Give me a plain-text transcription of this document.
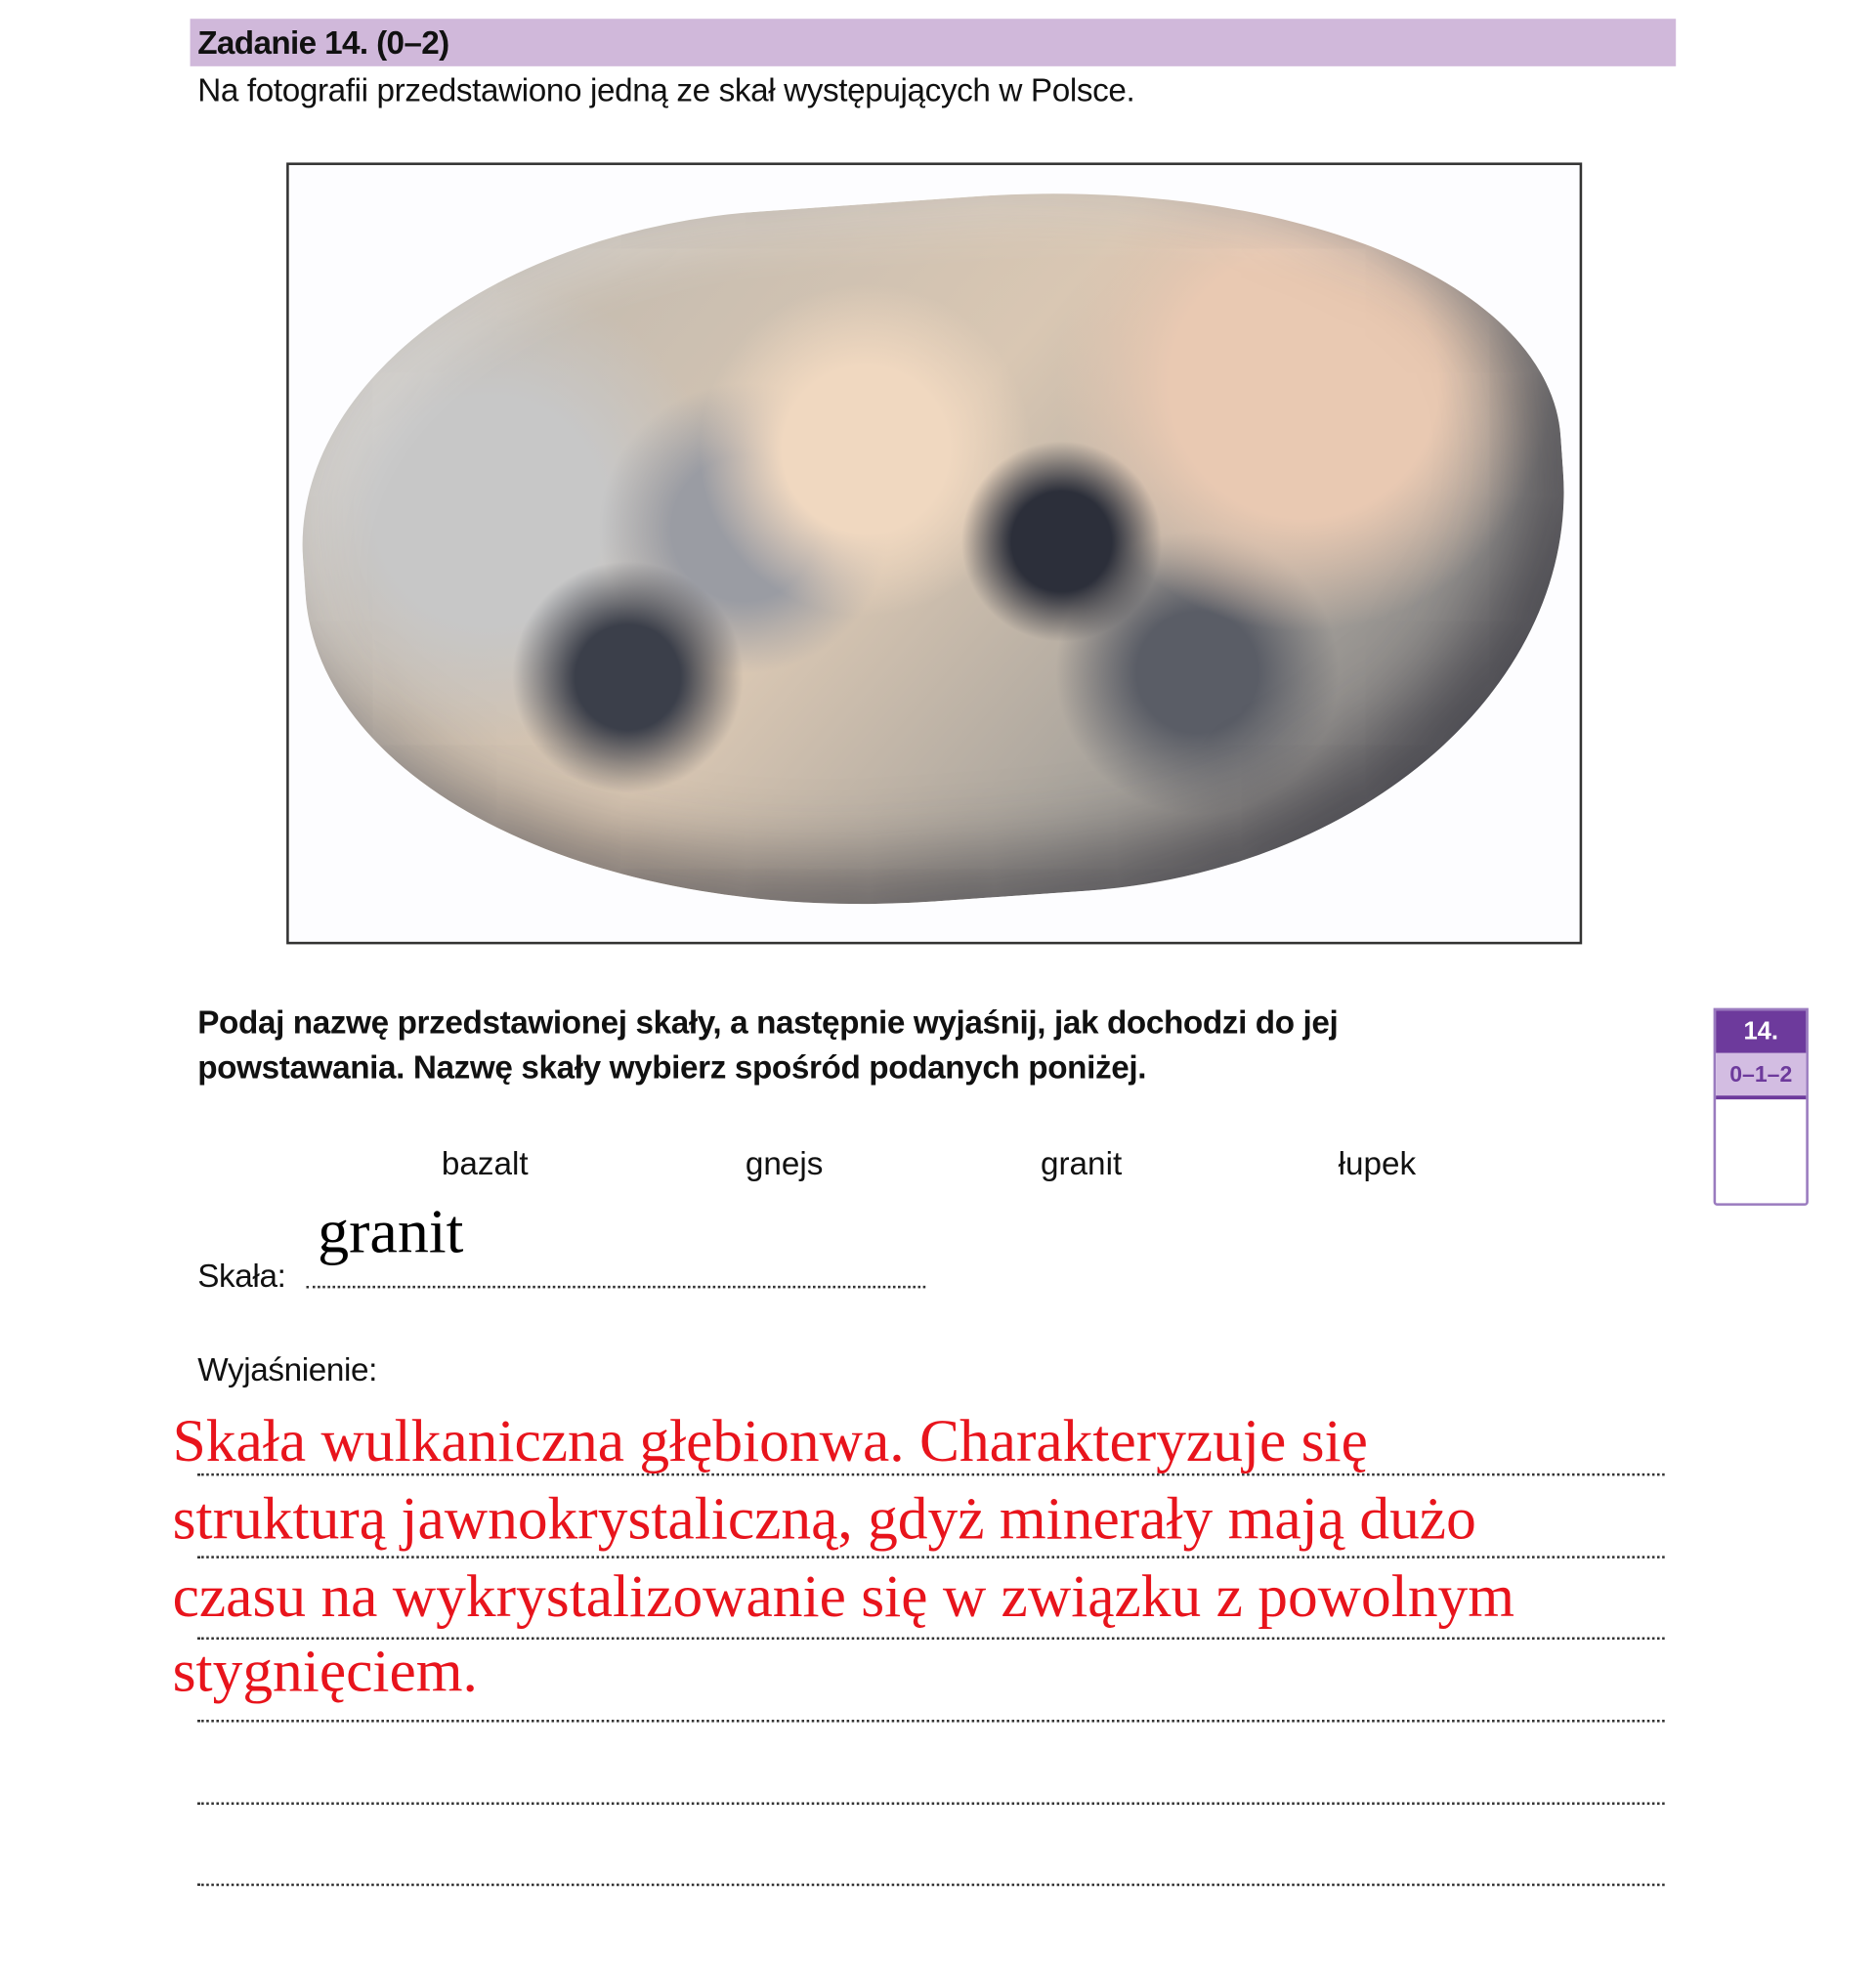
Zadanie 14. (0–2)
Na fotografii przedstawiono jedną ze skał występujących w Polsce.
Podaj nazwę przedstawionej skały, a następnie wyjaśnij, jak dochodzi do jej
powstawania. Nazwę skały wybierz spośród podanych poniżej.
bazalt	gnejs	granit	łupek
Skała:
granit
Wyjaśnienie:
Skała wulkaniczna głębionwa. Charakteryzuje się
strukturą jawnokrystaliczną, gdyż minerały mają dużo
czasu na wykrystalizowanie się w związku z powolnym
stygnięciem.
14.
0–1–2
